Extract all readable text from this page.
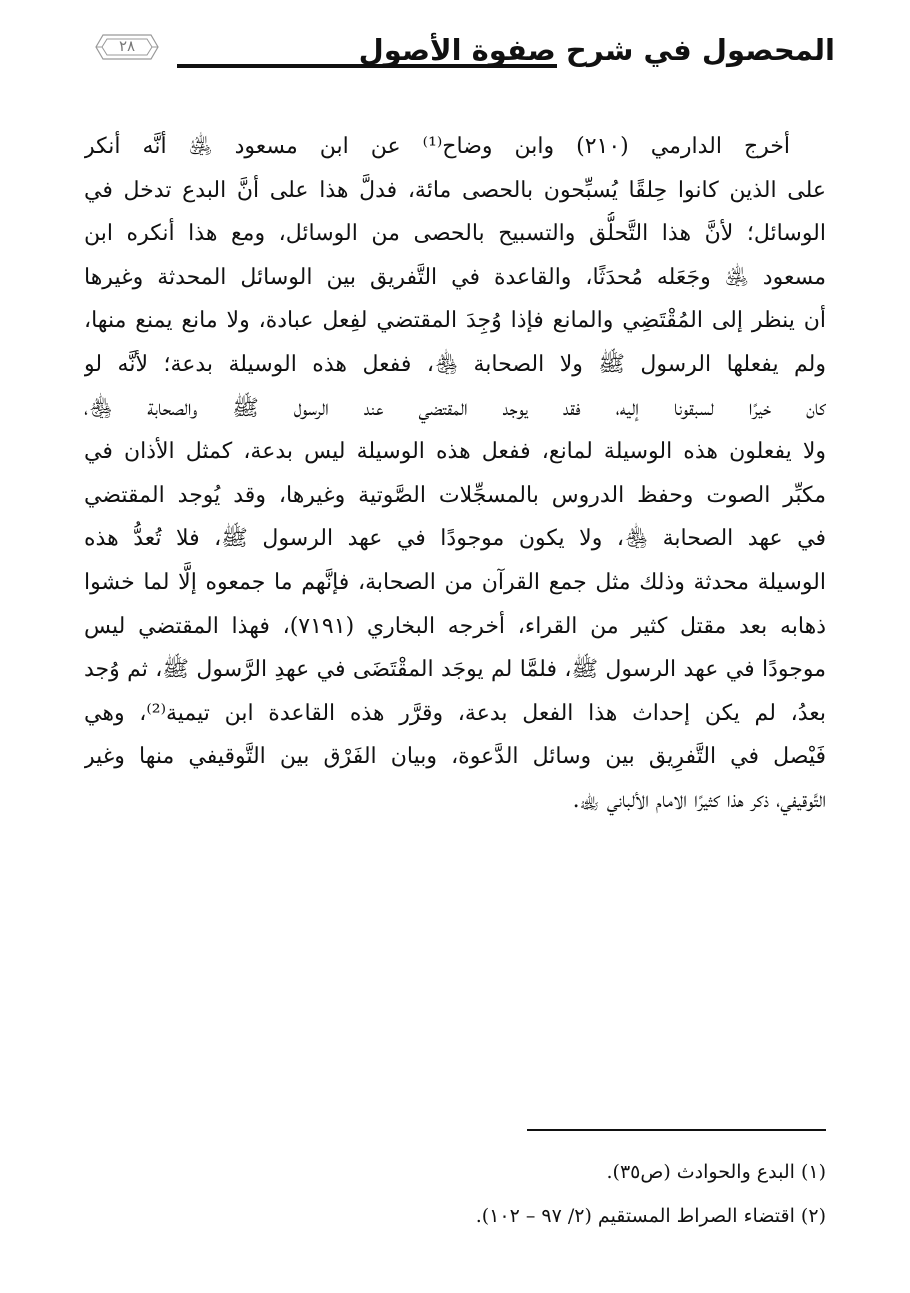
٢٨	المحصول في شرح صفوة الأصول
أخرج الدارمي (٢١٠) وابن وضاح⁽¹⁾ عن ابن مسعود ﵁ أنَّه أنكر
على الذين كانوا حِلقًا يُسبِّحون بالحصى مائة، فدلَّ هذا على أنَّ البدع تدخل في
الوسائل؛ لأنَّ هذا التَّحلُّق والتسبيح بالحصى من الوسائل، ومع هذا أنكره ابن
مسعود ﵁ وجَعَله مُحدَثًا، والقاعدة في التَّفريق بين الوسائل المحدثة وغيرها
أن ينظر إلى المُقْتَضِي والمانع فإذا وُجِدَ المقتضي لفِعل عبادة، ولا مانع يمنع منها،
ولم يفعلها الرسول ﷺ ولا الصحابة ﵃، ففعل هذه الوسيلة بدعة؛ لأنَّه لو
كان خيرًا لسبقونا إليه، فقد يوجد المقتضي عند الرسول ﷺ والصحابة ﵃،
ولا يفعلون هذه الوسيلة لمانع، ففعل هذه الوسيلة ليس بدعة، كمثل الأذان في
مكبِّر الصوت وحفظ الدروس بالمسجِّلات الصَّوتية وغيرها، وقد يُوجد المقتضي
في عهد الصحابة ﵃، ولا يكون موجودًا في عهد الرسول ﷺ، فلا تُعدُّ هذه
الوسيلة محدثة وذلك مثل جمع القرآن من الصحابة، فإنَّهم ما جمعوه إلَّا لما خشوا
ذهابه بعد مقتل كثير من القراء، أخرجه البخاري (٧١٩١)، فهذا المقتضي ليس
موجودًا في عهد الرسول ﷺ، فلمَّا لم يوجَد المقْتَضَى في عهدِ الرَّسول ﷺ، ثم وُجد
بعدُ، لم يكن إحداث هذا الفعل بدعة، وقرَّر هذه القاعدة ابن تيمية⁽²⁾، وهي
فَيْصل في التَّفرِيق بين وسائل الدَّعوة، وبيان الفَرْق بين التَّوقيفي منها وغير
التَّوقيفي، ذكر هذا كثيرًا الامام الألباني ﵀.
(١) البدع والحوادث (ص٣٥).
(٢) اقتضاء الصراط المستقيم (٢/ ٩٧ – ١٠٢).
